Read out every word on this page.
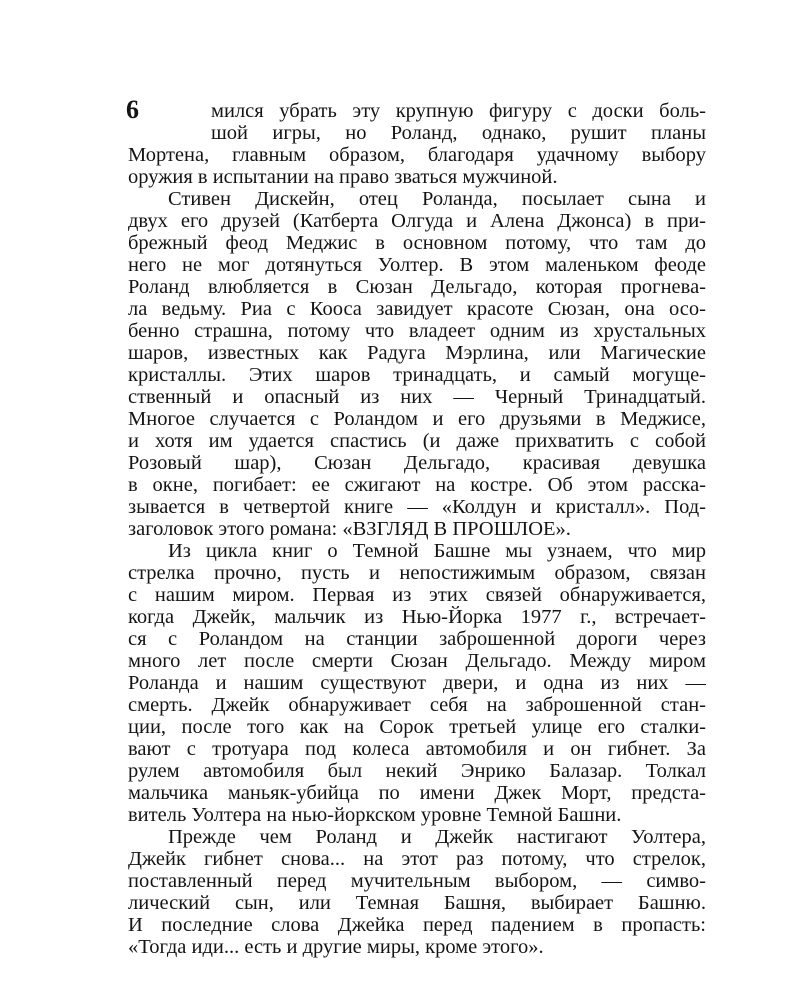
6	мился убрать эту крупную фигуру с доски боль-
шой игры, но Роланд, однако, рушит планы
Мортена, главным образом, благодаря удачному выбору
оружия в испытании на право зваться мужчиной.
Стивен Дискейн, отец Роланда, посылает сына и
двух его друзей (Катберта Олгуда и Алена Джонса) в при-
брежный феод Меджис в основном потому, что там до
него не мог дотянуться Уолтер. В этом маленьком феоде
Роланд влюбляется в Сюзан Дельгадо, которая прогнева-
ла ведьму. Риа с Кооса завидует красоте Сюзан, она осо-
бенно страшна, потому что владеет одним из хрустальных
шаров, известных как Радуга Мэрлина, или Магические
кристаллы. Этих шаров тринадцать, и самый могуще-
ственный и опасный из них — Черный Тринадцатый.
Многое случается с Роландом и его друзьями в Меджисе,
и хотя им удается спастись (и даже прихватить с собой
Розовый шар), Сюзан Дельгадо, красивая девушка
в окне, погибает: ее сжигают на костре. Об этом расска-
зывается в четвертой книге — «Колдун и кристалл». Под-
заголовок этого романа: «ВЗГЛЯД В ПРОШЛОЕ».
Из цикла книг о Темной Башне мы узнаем, что мир
стрелка прочно, пусть и непостижимым образом, связан
с нашим миром. Первая из этих связей обнаруживается,
когда Джейк, мальчик из Нью-Йорка 1977 г., встречает-
ся с Роландом на станции заброшенной дороги через
много лет после смерти Сюзан Дельгадо. Между миром
Роланда и нашим существуют двери, и одна из них —
смерть. Джейк обнаруживает себя на заброшенной стан-
ции, после того как на Сорок третьей улице его сталки-
вают с тротуара под колеса автомобиля и он гибнет. За
рулем автомобиля был некий Энрико Балазар. Толкал
мальчика маньяк-убийца по имени Джек Морт, предста-
витель Уолтера на нью-йоркском уровне Темной Башни.
Прежде чем Роланд и Джейк настигают Уолтера,
Джейк гибнет снова... на этот раз потому, что стрелок,
поставленный перед мучительным выбором, — симво-
лический сын, или Темная Башня, выбирает Башню.
И последние слова Джейка перед падением в пропасть:
«Тогда иди... есть и другие миры, кроме этого».
